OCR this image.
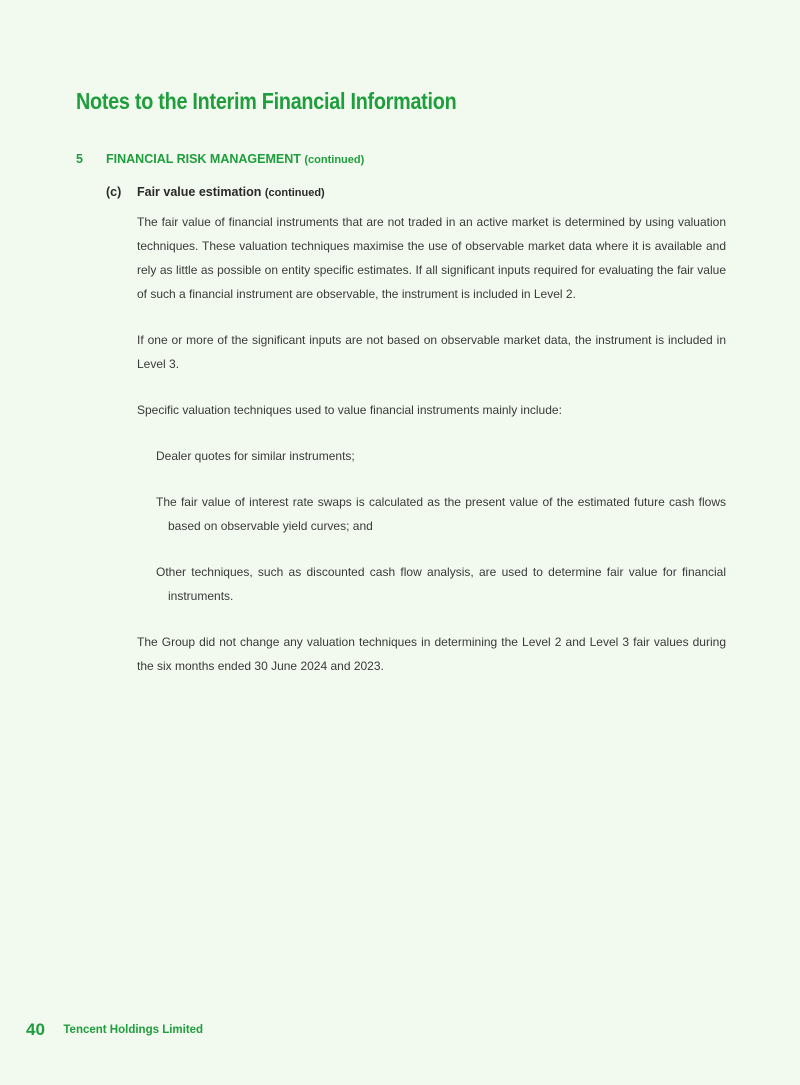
Notes to the Interim Financial Information
5 FINANCIAL RISK MANAGEMENT (continued)
(c) Fair value estimation (continued)

The fair value of financial instruments that are not traded in an active market is determined by using valuation techniques. These valuation techniques maximise the use of observable market data where it is available and rely as little as possible on entity specific estimates. If all significant inputs required for evaluating the fair value of such a financial instrument are observable, the instrument is included in Level 2.

If one or more of the significant inputs are not based on observable market data, the instrument is included in Level 3.

Specific valuation techniques used to value financial instruments mainly include:

Dealer quotes for similar instruments;
The fair value of interest rate swaps is calculated as the present value of the estimated future cash flows based on observable yield curves; and
Other techniques, such as discounted cash flow analysis, are used to determine fair value for financial instruments.

The Group did not change any valuation techniques in determining the Level 2 and Level 3 fair values during the six months ended 30 June 2024 and 2023.

40 Tencent Holdings Limited
